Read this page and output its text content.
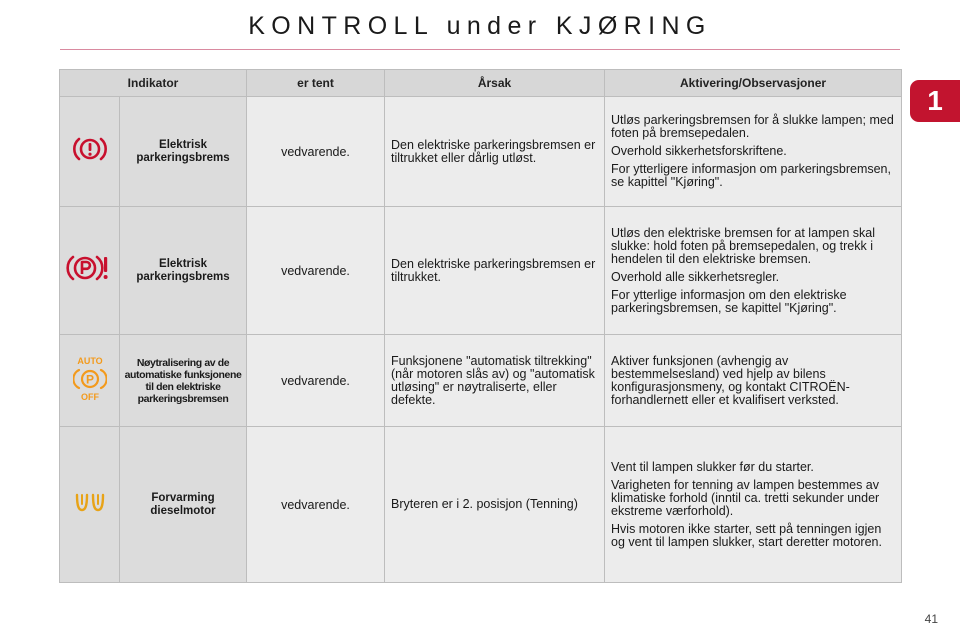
KONTROLL under KJØRING
1
Indikator		er tent	Årsak	Aktivering/Observasjoner
	Elektrisk parkeringsbrems	vedvarende.	Den elektriske parkeringsbremsen er tiltrukket eller dårlig utløst.	Utløs parkeringsbremsen for å slukke lampen; med foten på bremsepedalen.

Overhold sikkerhetsforskriftene.

For ytterligere informasjon om parkeringsbremsen, se kapittel "Kjøring".

	Elektrisk parkeringsbrems	vedvarende.	Den elektriske parkeringsbremsen er tiltrukket.	Utløs den elektriske bremsen for at lampen skal slukke: hold foten på bremsepedalen, og trekk i hendelen til den elektriske bremsen.

Overhold alle sikkerhetsregler.

For ytterlige informasjon om den elektriske parkeringsbremsen, se kapittel "Kjøring".

AUTO
P
OFF	Nøytralisering av de automatiske funksjonene til den elektriske parkeringsbremsen	vedvarende.	Funksjonene "automatisk tiltrekking" (når motoren slås av) og "automatisk utløsing" er nøytraliserte, eller defekte.	Aktiver funksjonen (avhengig av bestemmelsesland) ved hjelp av bilens konfigurasjonsmeny, og kontakt CITROËN-forhandlernett eller et kvalifisert verksted.

	Forvarming dieselmotor	vedvarende.	Bryteren er i 2. posisjon (Tenning)	Vent til lampen slukker før du starter.

Varigheten for tenning av lampen bestemmes av klimatiske forhold (inntil ca. tretti sekunder under ekstreme værforhold).

Hvis motoren ikke starter, sett på tenningen igjen og vent til lampen slukker, start deretter motoren.

41
